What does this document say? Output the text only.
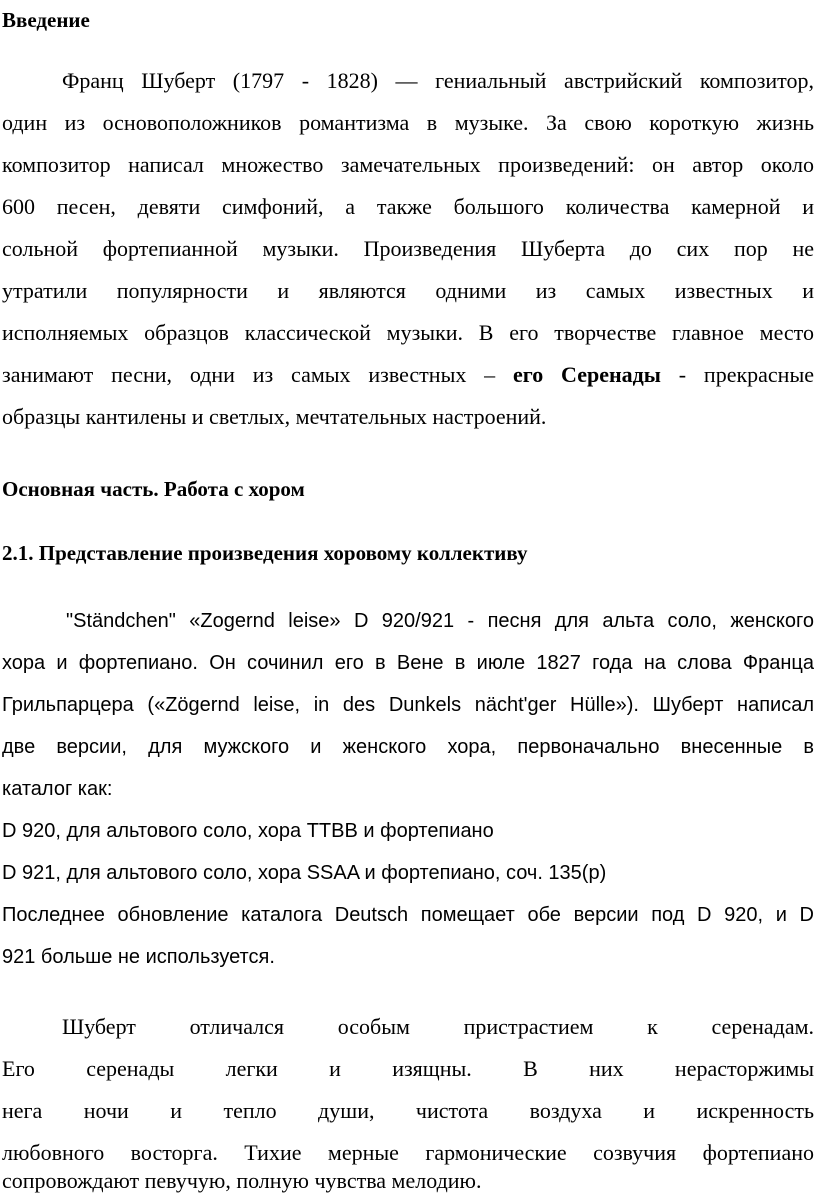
Введение
Франц Шуберт (1797 - 1828) — гениальный австрийский композитор,
один из основоположников романтизма в музыке. За свою короткую жизнь
композитор написал множество замечательных произведений: он автор около
600 песен, девяти симфоний, а также большого количества камерной и
сольной фортепианной музыки. Произведения Шуберта до сих пор не
утратили популярности и являются одними из самых известных и
исполняемых образцов классической музыки. В его творчестве главное место
занимают песни, одни из самых известных – его Серенады - прекрасные
образцы кантилены и светлых, мечтательных настроений.
Основная часть. Работа с хором
2.1. Представление произведения хоровому коллективу
"Ständchen" «Zogernd leise» D 920/921 - песня для альта соло, женского
хора и фортепиано. Он сочинил его в Вене в июле 1827 года на слова Франца
Грильпарцера («Zögernd leise, in des Dunkels nächt'ger Hülle»). Шуберт написал
две версии, для мужского и женского хора, первоначально внесенные в
каталог как:
D 920, для альтового соло, хора TTBB и фортепиано
D 921, для альтового соло, хора SSAA и фортепиано, соч. 135(р)
Последнее обновление каталога Deutsch помещает обе версии под D 920, и D
921 больше не используется.
Шуберт отличался особым пристрастием к серенадам.
Его серенады легки и изящны. В них нерасторжимы
нега ночи и тепло души, чистота воздуха и искренность
любовного восторга. Тихие мерные гармонические созвучия фортепиано
сопровождают певучую, полную чувства мелодию.
